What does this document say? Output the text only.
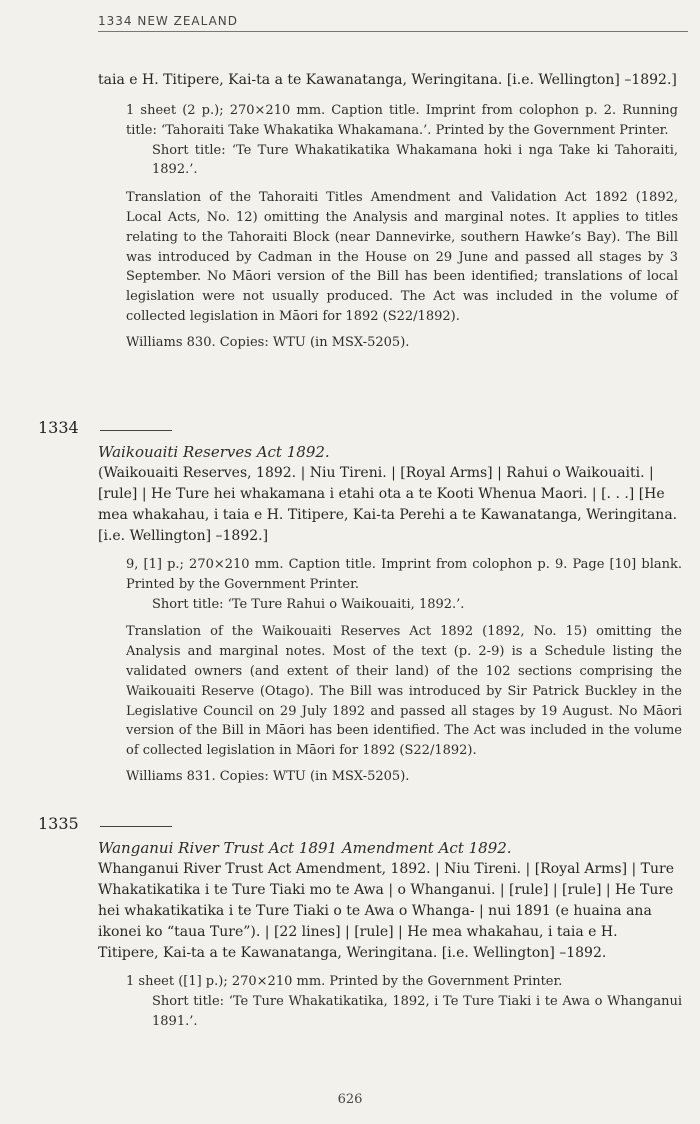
1334 NEW ZEALAND

taia e H. Titipere, Kai-ta a te Kawanatanga, Weringitana. [i.e. Wellington] –1892.]

1 sheet (2 p.); 270×210 mm. Caption title. Imprint from colophon p. 2. Running title: ‘Tahoraiti Take Whakatika Whakamana.’. Printed by the Government Printer.

Short title: ‘Te Ture Whakatikatika Whakamana hoki i nga Take ki Tahoraiti, 1892.’.

Translation of the Tahoraiti Titles Amendment and Validation Act 1892 (1892, Local Acts, No. 12) omitting the Analysis and marginal notes. It applies to titles relating to the Tahoraiti Block (near Dannevirke, southern Hawke’s Bay). The Bill was introduced by Cadman in the House on 29 June and passed all stages by 3 September. No Māori version of the Bill has been identified; translations of local legislation were not usually produced. The Act was included in the volume of collected legislation in Māori for 1892 (S22/1892).

Williams 830. Copies: WTU (in MSX-5205).

1334

Waikouaiti Reserves Act 1892.

(Waikouaiti Reserves, 1892. | Niu Tireni. | [Royal Arms] | Rahui o Waikouaiti. | [rule] | He Ture hei whakamana i etahi ota a te Kooti Whenua Maori. | [. . .] [He mea whakahau, i taia e H. Titipere, Kai-ta Perehi a te Kawanatanga, Weringitana. [i.e. Wellington] –1892.]

9, [1] p.; 270×210 mm. Caption title. Imprint from colophon p. 9. Page [10] blank. Printed by the Government Printer.

Short title: ‘Te Ture Rahui o Waikouaiti, 1892.’.

Translation of the Waikouaiti Reserves Act 1892 (1892, No. 15) omitting the Analysis and marginal notes. Most of the text (p. 2-9) is a Schedule listing the validated owners (and extent of their land) of the 102 sections comprising the Waikouaiti Reserve (Otago). The Bill was introduced by Sir Patrick Buckley in the Legislative Council on 29 July 1892 and passed all stages by 19 August. No Māori version of the Bill in Māori has been identified. The Act was included in the volume of collected legislation in Māori for 1892 (S22/1892).

Williams 831. Copies: WTU (in MSX-5205).

1335

Wanganui River Trust Act 1891 Amendment Act 1892.

Whanganui River Trust Act Amendment, 1892. | Niu Tireni. | [Royal Arms] | Ture Whakatikatika i te Ture Tiaki mo te Awa | o Whanganui. | [rule] | [rule] | He Ture hei whakatikatika i te Ture Tiaki o te Awa o Whanga- | nui 1891 (e huaina ana ikonei ko “taua Ture”). | [22 lines] | [rule] | He mea whakahau, i taia e H. Titipere, Kai-ta a te Kawanatanga, Weringitana. [i.e. Wellington] –1892.

1 sheet ([1] p.); 270×210 mm. Printed by the Government Printer.

Short title: ‘Te Ture Whakatikatika, 1892, i Te Ture Tiaki i te Awa o Whanganui 1891.’.

626
